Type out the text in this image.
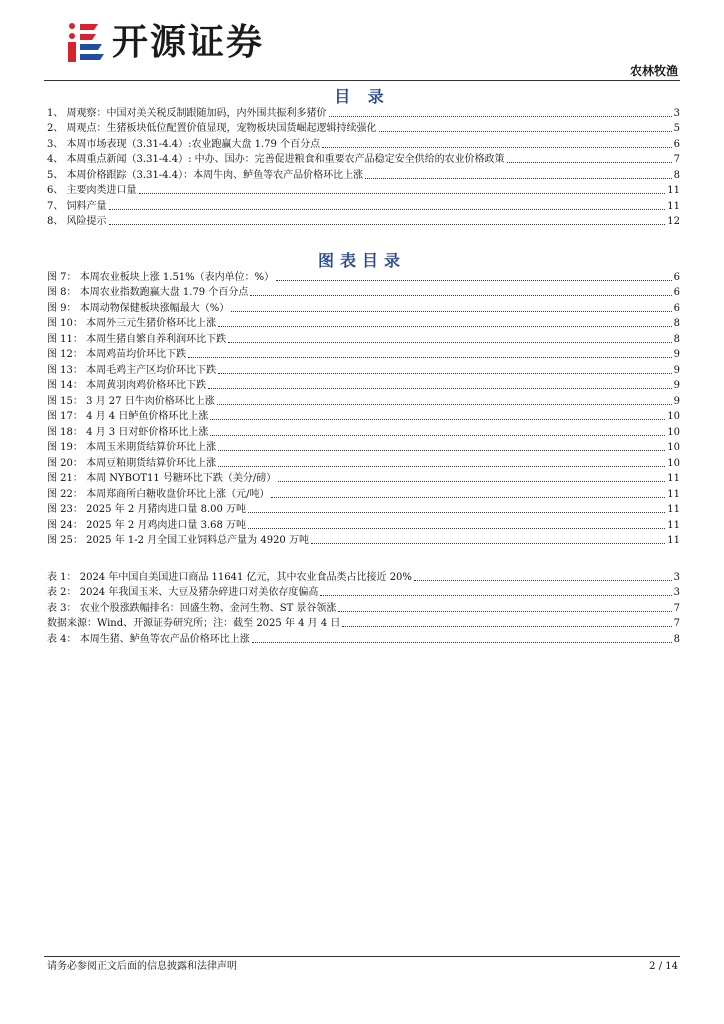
开源证券
农林牧渔
目 录
1、 周观察：中国对美关税反制跟随加码，内外围共振利多猪价	3
2、 周观点：生猪板块低位配置价值显现，宠物板块国货崛起逻辑持续强化	5
3、 本周市场表现（3.31-4.4）:农业跑赢大盘 1.79 个百分点	6
4、 本周重点新闻（3.31-4.4）: 中办、国办：完善促进粮食和重要农产品稳定安全供给的农业价格政策	7
5、 本周价格跟踪（3.31-4.4）：本周牛肉、鲈鱼等农产品价格环比上涨	8
6、 主要肉类进口量	11
7、 饲料产量	11
8、 风险提示	12
图表目录
图 7： 本周农业板块上涨 1.51%（表内单位：%）	6
图 8： 本周农业指数跑赢大盘 1.79 个百分点	6
图 9： 本周动物保健板块涨幅最大（%）	6
图 10： 本周外三元生猪价格环比上涨	8
图 11： 本周生猪自繁自养利润环比下跌	8
图 12： 本周鸡苗均价环比下跌	9
图 13： 本周毛鸡主产区均价环比下跌	9
图 14： 本周黄羽肉鸡价格环比下跌	9
图 15： 3 月 27 日牛肉价格环比上涨	9
图 17： 4 月 4 日鲈鱼价格环比上涨	10
图 18： 4 月 3 日对虾价格环比上涨	10
图 19： 本周玉米期货结算价环比上涨	10
图 20： 本周豆粕期货结算价环比上涨	10
图 21： 本周 NYBOT11 号糖环比下跌（美分/磅）	11
图 22： 本周郑商所白糖收盘价环比上涨（元/吨）	11
图 23： 2025 年 2 月猪肉进口量 8.00 万吨	11
图 24： 2025 年 2 月鸡肉进口量 3.68 万吨	11
图 25： 2025 年 1-2 月全国工业饲料总产量为 4920 万吨	11
表 1： 2024 年中国自美国进口商品 11641 亿元，其中农业食品类占比接近 20%	3
表 2： 2024 年我国玉米、大豆及猪杂碎进口对美依存度偏高	3
表 3： 农业个股涨跌幅排名：回盛生物、金河生物、ST 景谷领涨	7
数据来源：Wind、开源证券研究所；注：截至 2025 年 4 月 4 日	7
表 4： 本周生猪、鲈鱼等农产品价格环比上涨	8
请务必参阅正文后面的信息披露和法律声明	2 / 14
